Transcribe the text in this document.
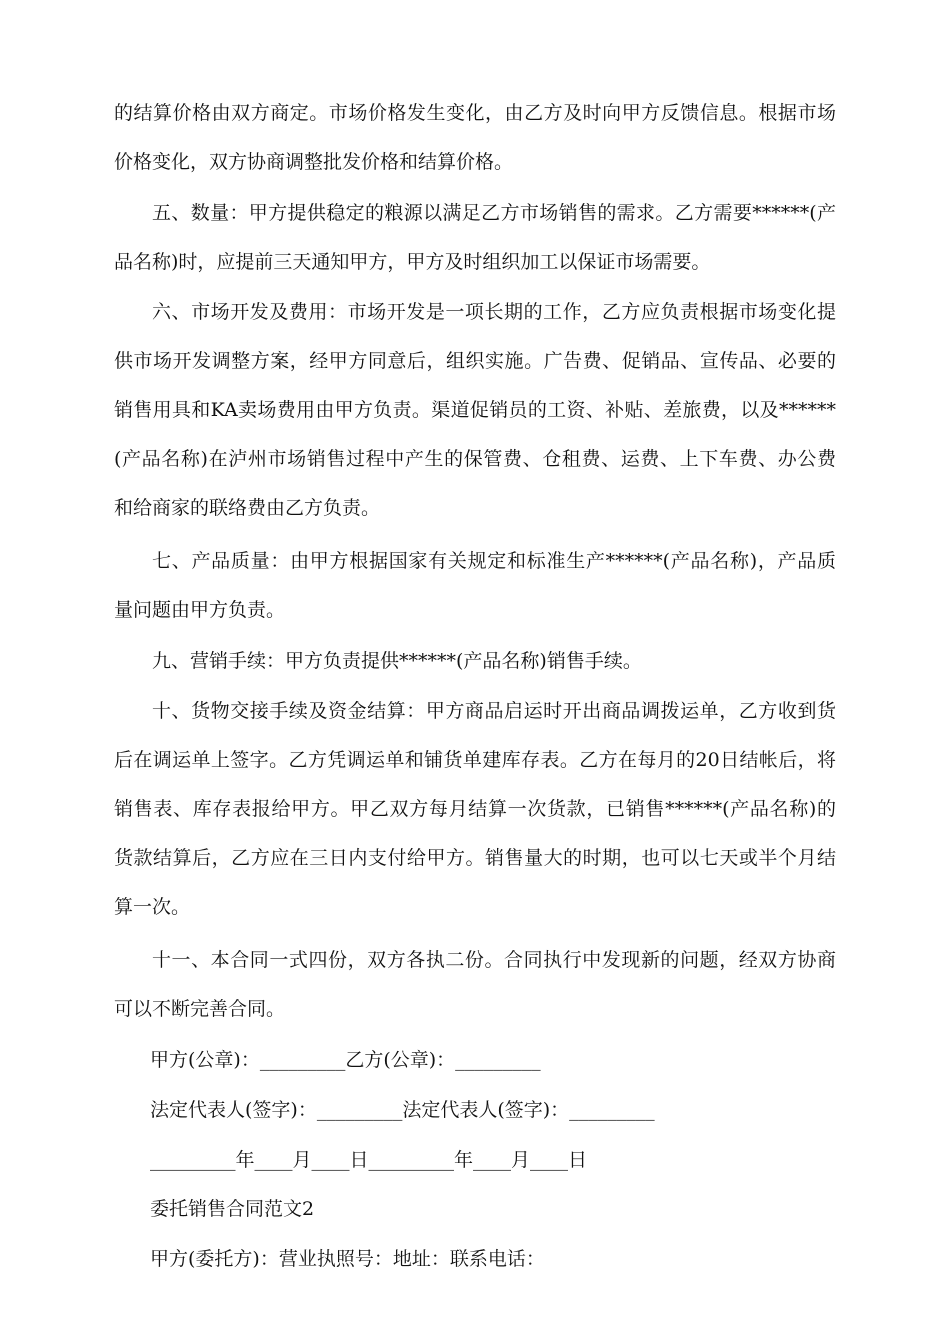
的结算价格由双方商定。市场价格发生变化，由乙方及时向甲方反馈信息。根据市场
价格变化，双方协商调整批发价格和结算价格。
五、数量：甲方提供稳定的粮源以满足乙方市场销售的需求。乙方需要******(产
品名称)时，应提前三天通知甲方，甲方及时组织加工以保证市场需要。
六、市场开发及费用：市场开发是一项长期的工作，乙方应负责根据市场变化提
供市场开发调整方案，经甲方同意后，组织实施。广告费、促销品、宣传品、必要的
销售用具和KA卖场费用由甲方负责。渠道促销员的工资、补贴、差旅费，以及******
(产品名称)在泸州市场销售过程中产生的保管费、仓租费、运费、上下车费、办公费
和给商家的联络费由乙方负责。
七、产品质量：由甲方根据国家有关规定和标准生产******(产品名称)，产品质
量问题由甲方负责。
九、营销手续：甲方负责提供******(产品名称)销售手续。
十、货物交接手续及资金结算：甲方商品启运时开出商品调拨运单，乙方收到货
后在调运单上签字。乙方凭调运单和铺货单建库存表。乙方在每月的20日结帐后，将
销售表、库存表报给甲方。甲乙双方每月结算一次货款，已销售******(产品名称)的
货款结算后，乙方应在三日内支付给甲方。销售量大的时期，也可以七天或半个月结
算一次。
十一、本合同一式四份，双方各执二份。合同执行中发现新的问题，经双方协商
可以不断完善合同。
甲方(公章)：_________乙方(公章)：_________
法定代表人(签字)：_________法定代表人(签字)：_________
_________年____月____日_________年____月____日
委托销售合同范文2
甲方(委托方)：营业执照号：地址：联系电话：
